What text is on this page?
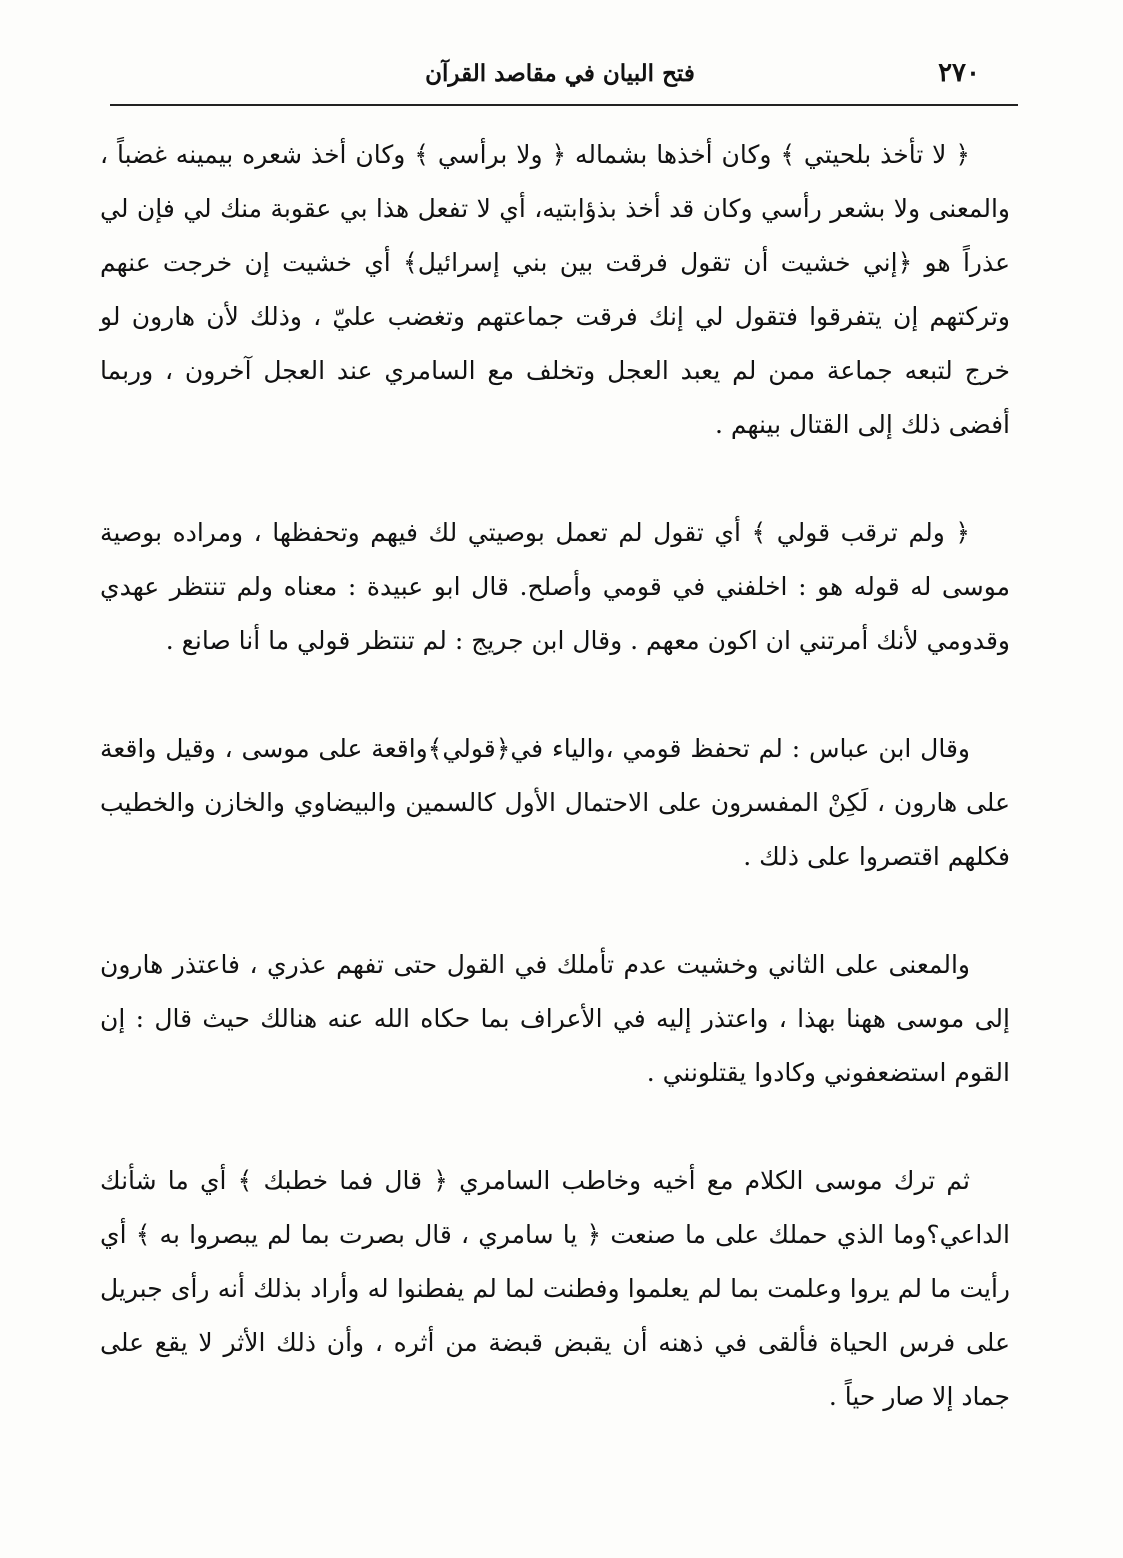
٢٧٠
فتح البيان في مقاصد القرآن

﴿ لا تأخذ بلحيتي ﴾ وكان أخذها بشماله ﴿ ولا برأسي ﴾ وكان أخذ شعره بيمينه غضباً ، والمعنى ولا بشعر رأسي وكان قد أخذ بذؤابتيه، أي لا تفعل هذا بي عقوبة منك لي فإن لي عذراً هو ﴿إني خشيت أن تقول فرقت بين بني إسرائيل﴾ أي خشيت إن خرجت عنهم وتركتهم إن يتفرقوا فتقول لي إنك فرقت جماعتهم وتغضب عليّ ، وذلك لأن هارون لو خرج لتبعه جماعة ممن لم يعبد العجل وتخلف مع السامري عند العجل آخرون ، وربما أفضى ذلك إلى القتال بينهم .

﴿ ولم ترقب قولي ﴾ أي تقول لم تعمل بوصيتي لك فيهم وتحفظها ، ومراده بوصية موسى له قوله هو : اخلفني في قومي وأصلح. قال ابو عبيدة : معناه ولم تنتظر عهدي وقدومي لأنك أمرتني ان اكون معهم . وقال ابن جريج : لم تنتظر قولي ما أنا صانع .

وقال ابن عباس : لم تحفظ قومي ،والياء في﴿قولي﴾واقعة على موسى ، وقيل واقعة على هارون ، لَكِنْ المفسرون على الاحتمال الأول كالسمين والبيضاوي والخازن والخطيب فكلهم اقتصروا على ذلك .

والمعنى على الثاني وخشيت عدم تأملك في القول حتى تفهم عذري ، فاعتذر هارون إلى موسى ههنا بهذا ، واعتذر إليه في الأعراف بما حكاه الله عنه هنالك حيث قال : إن القوم استضعفوني وكادوا يقتلونني .

ثم ترك موسى الكلام مع أخيه وخاطب السامري ﴿ قال فما خطبك ﴾ أي ما شأنك الداعي؟وما الذي حملك على ما صنعت ﴿ يا سامري ، قال بصرت بما لم يبصروا به ﴾ أي رأيت ما لم يروا وعلمت بما لم يعلموا وفطنت لما لم يفطنوا له وأراد بذلك أنه رأى جبريل على فرس الحياة فألقى في ذهنه أن يقبض قبضة من أثره ، وأن ذلك الأثر لا يقع على جماد إلا صار حياً .
